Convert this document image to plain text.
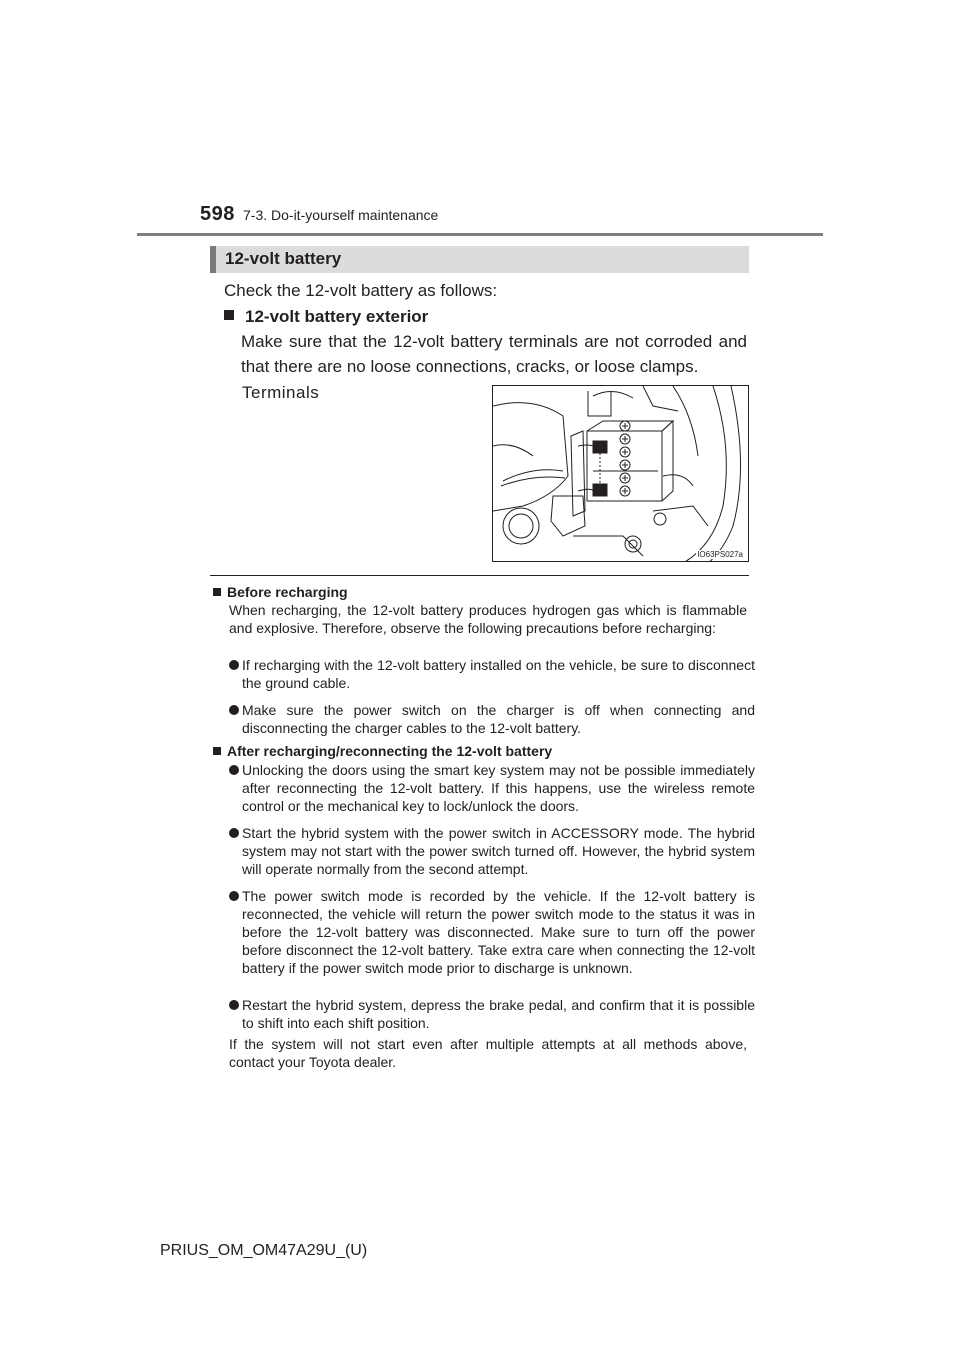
598 7-3. Do-it-yourself maintenance
12-volt battery
Check the 12-volt battery as follows:
12-volt battery exterior
Make sure that the 12-volt battery terminals are not corroded and that there are no loose connections, cracks, or loose clamps.
Terminals
IO63PS027a
Before recharging
When recharging, the 12-volt battery produces hydrogen gas which is flammable and explosive. Therefore, observe the following precautions before recharging:
If recharging with the 12-volt battery installed on the vehicle, be sure to disconnect the ground cable.
Make sure the power switch on the charger is off when connecting and disconnecting the charger cables to the 12-volt battery.
After recharging/reconnecting the 12-volt battery
Unlocking the doors using the smart key system may not be possible immediately after reconnecting the 12-volt battery. If this happens, use the wireless remote control or the mechanical key to lock/unlock the doors.
Start the hybrid system with the power switch in ACCESSORY mode. The hybrid system may not start with the power switch turned off. However, the hybrid system will operate normally from the second attempt.
The power switch mode is recorded by the vehicle. If the 12-volt battery is reconnected, the vehicle will return the power switch mode to the status it was in before the 12-volt battery was disconnected. Make sure to turn off the power before disconnect the 12-volt battery. Take extra care when connecting the 12-volt battery if the power switch mode prior to discharge is unknown.
Restart the hybrid system, depress the brake pedal, and confirm that it is possible to shift into each shift position.
If the system will not start even after multiple attempts at all methods above, contact your Toyota dealer.
PRIUS_OM_OM47A29U_(U)
